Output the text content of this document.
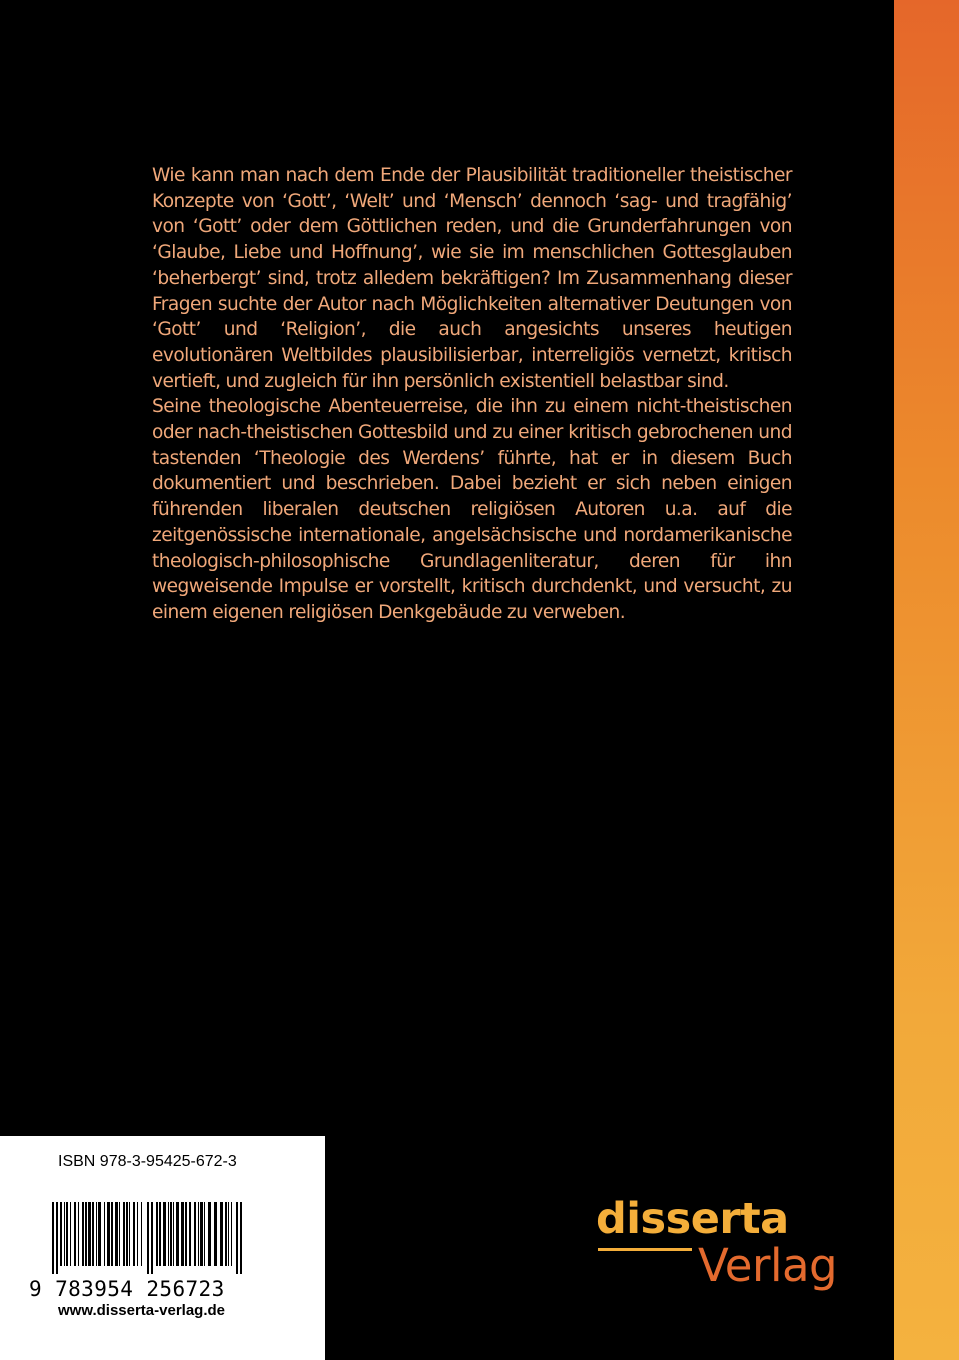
Wie kann man nach dem Ende der Plausibilität traditioneller theistischer Konzepte von ‘Gott’, ‘Welt’ und ‘Mensch’ dennoch ‘sag- und tragfähig’ von ‘Gott’ oder dem Göttlichen reden, und die Grunderfahrungen von ‘Glaube, Liebe und Hoffnung’, wie sie im menschlichen Gottesglauben ‘beherbergt’ sind, trotz alledem bekräftigen? Im Zusammenhang dieser Fragen suchte der Autor nach Möglichkeiten alternativer Deutungen von ‘Gott’ und ‘Religion’, die auch angesichts unseres heutigen evolutionären Weltbildes plausibilisierbar, interreligiös vernetzt, kritisch vertieft, und zugleich für ihn persönlich existentiell belastbar sind.

Seine theologische Abenteuerreise, die ihn zu einem nicht-theistischen oder nach-theistischen Gottesbild und zu einer kritisch gebrochenen und tastenden ‘Theologie des Werdens’ führte, hat er in diesem Buch dokumentiert und beschrieben. Dabei bezieht er sich neben einigen führenden liberalen deutschen religiösen Autoren u.a. auf die zeitgenössische internationale, angelsächsische und nordamerikanische theologisch-philosophische Grundlagenliteratur, deren für ihn wegweisende Impulse er vorstellt, kritisch durchdenkt, und versucht, zu einem eigenen religiösen Denkgebäude zu verweben.

ISBN 978-3-95425-672-3
9 783954 256723
www.disserta-verlag.de
disserta
Verlag
